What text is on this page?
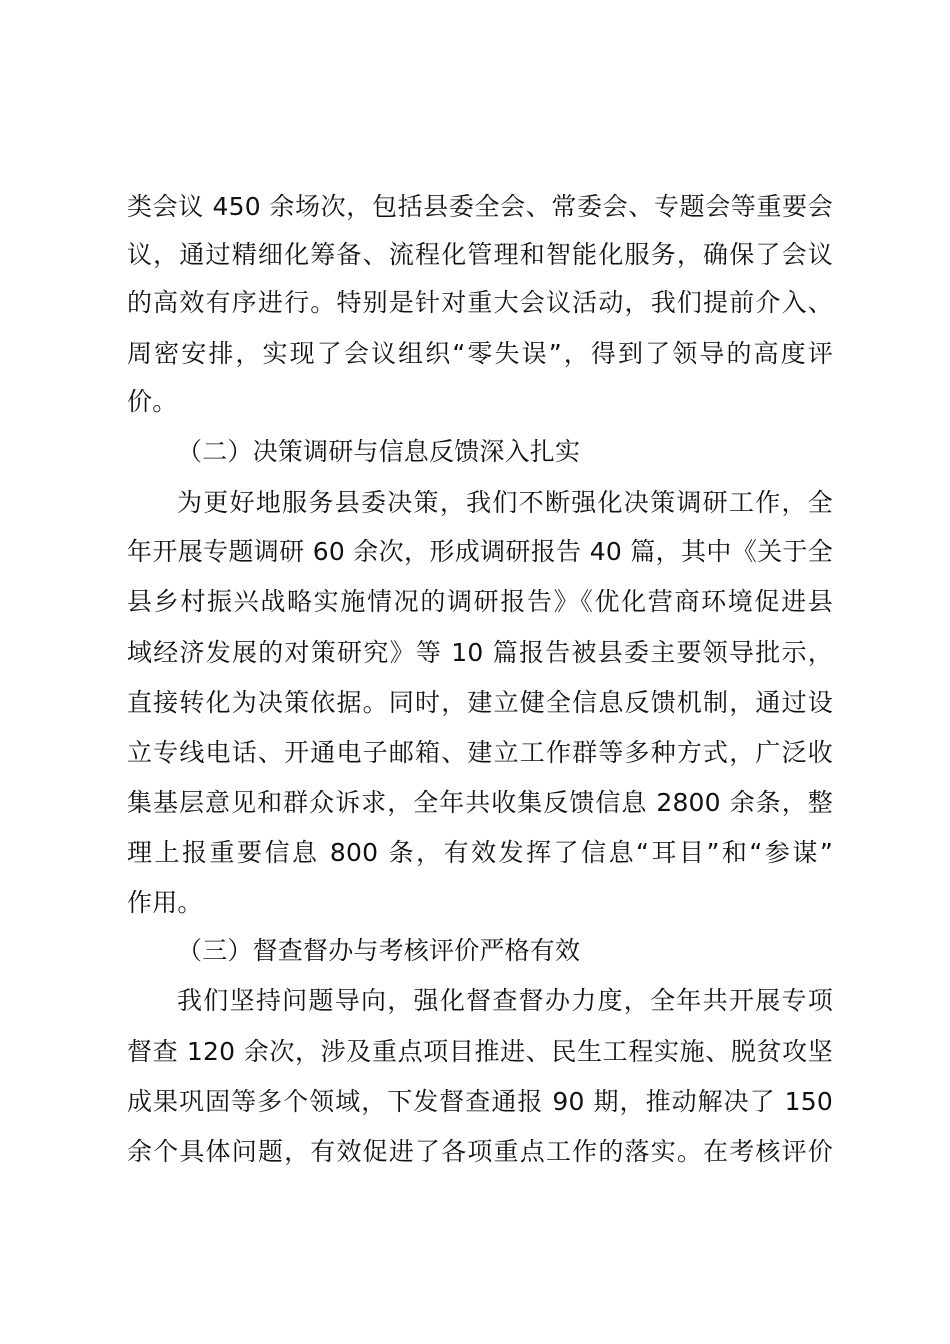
类会议 450 余场次，包括县委全会、常委会、专题会等重要会
议，通过精细化筹备、流程化管理和智能化服务，确保了会议
的高效有序进行。特别是针对重大会议活动，我们提前介入、
周密安排，实现了会议组织“零失误”，得到了领导的高度评
价。
（二）决策调研与信息反馈深入扎实
为更好地服务县委决策，我们不断强化决策调研工作，全
年开展专题调研 60 余次，形成调研报告 40 篇，其中《关于全
县乡村振兴战略实施情况的调研报告》《优化营商环境促进县
域经济发展的对策研究》等 10 篇报告被县委主要领导批示，
直接转化为决策依据。同时，建立健全信息反馈机制，通过设
立专线电话、开通电子邮箱、建立工作群等多种方式，广泛收
集基层意见和群众诉求，全年共收集反馈信息 2800 余条，整
理上报重要信息 800 条，有效发挥了信息“耳目”和“参谋”
作用。
（三）督查督办与考核评价严格有效
我们坚持问题导向，强化督查督办力度，全年共开展专项
督查 120 余次，涉及重点项目推进、民生工程实施、脱贫攻坚
成果巩固等多个领域，下发督查通报 90 期，推动解决了 150
余个具体问题，有效促进了各项重点工作的落实。在考核评价
